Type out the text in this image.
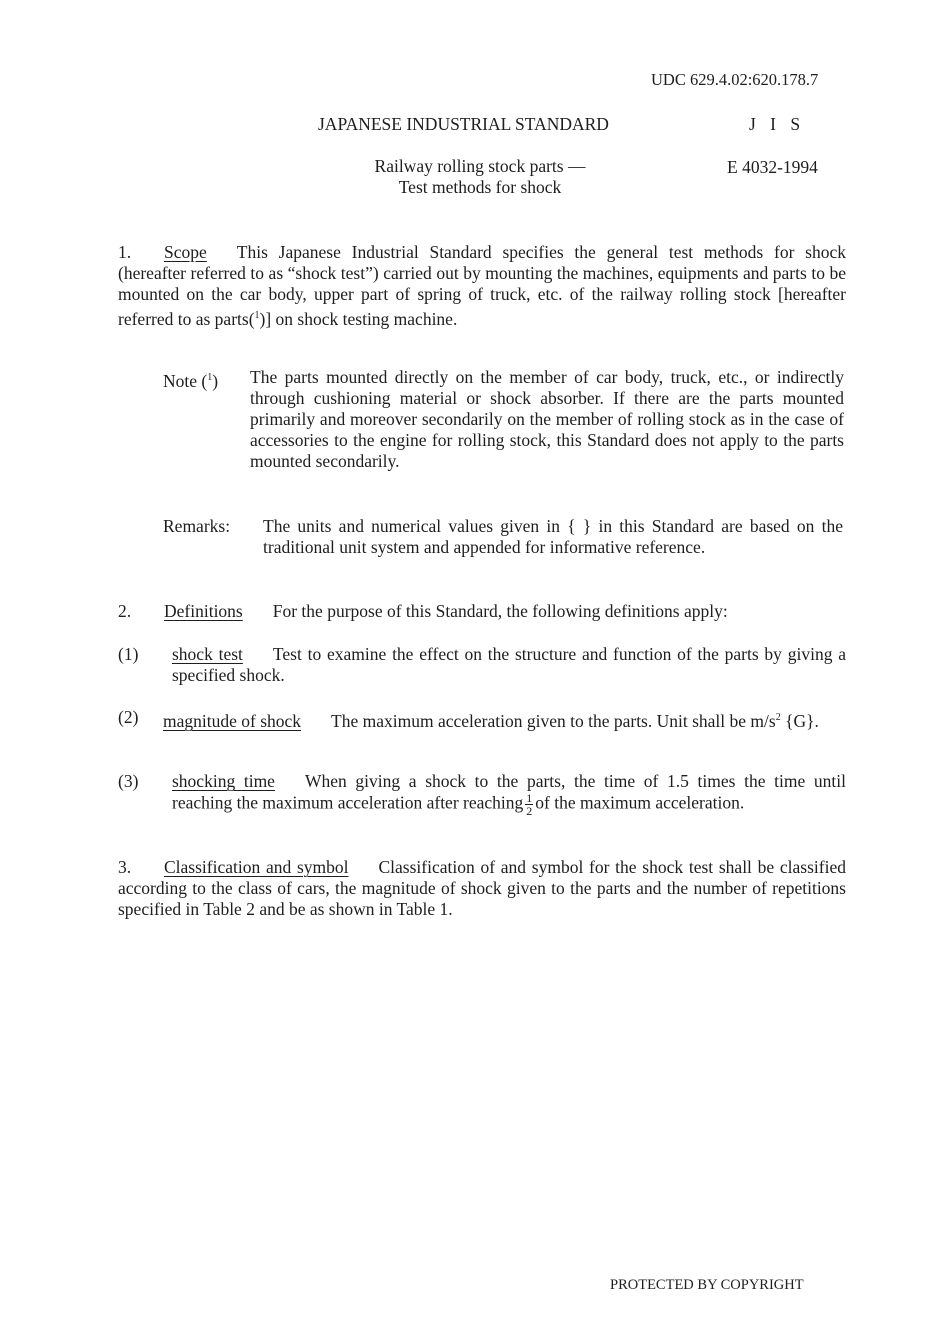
UDC 629.4.02:620.178.7
JAPANESE INDUSTRIAL STANDARD	J I S
Railway rolling stock parts —
Test methods for shock
E 4032-1994
1. Scope This Japanese Industrial Standard specifies the general test methods for shock (hereafter referred to as “shock test”) carried out by mounting the machines, equipments and parts to be mounted on the car body, upper part of spring of truck, etc. of the railway rolling stock [hereafter referred to as parts($^1$)] on shock testing machine.
Note ($^1$) The parts mounted directly on the member of car body, truck, etc., or indirectly through cushioning material or shock absorber. If there are the parts mounted primarily and moreover secondarily on the member of rolling stock as in the case of accessories to the engine for rolling stock, this Standard does not apply to the parts mounted secondarily.
Remarks: The units and numerical values given in { } in this Standard are based on the traditional unit system and appended for informative reference.
2. Definitions For the purpose of this Standard, the following definitions apply:
(1) shock test Test to examine the effect on the structure and function of the parts by giving a specified shock.
(2) magnitude of shock The maximum acceleration given to the parts. Unit shall be $m/s^2$ {G}.
(3) shocking time When giving a shock to the parts, the time of 1.5 times the time until reaching the maximum acceleration after reaching $\frac{1}{2}$ of the maximum acceleration.
3. Classification and symbol Classification of and symbol for the shock test shall be classified according to the class of cars, the magnitude of shock given to the parts and the number of repetitions specified in Table 2 and be as shown in Table 1.
PROTECTED BY COPYRIGHT
